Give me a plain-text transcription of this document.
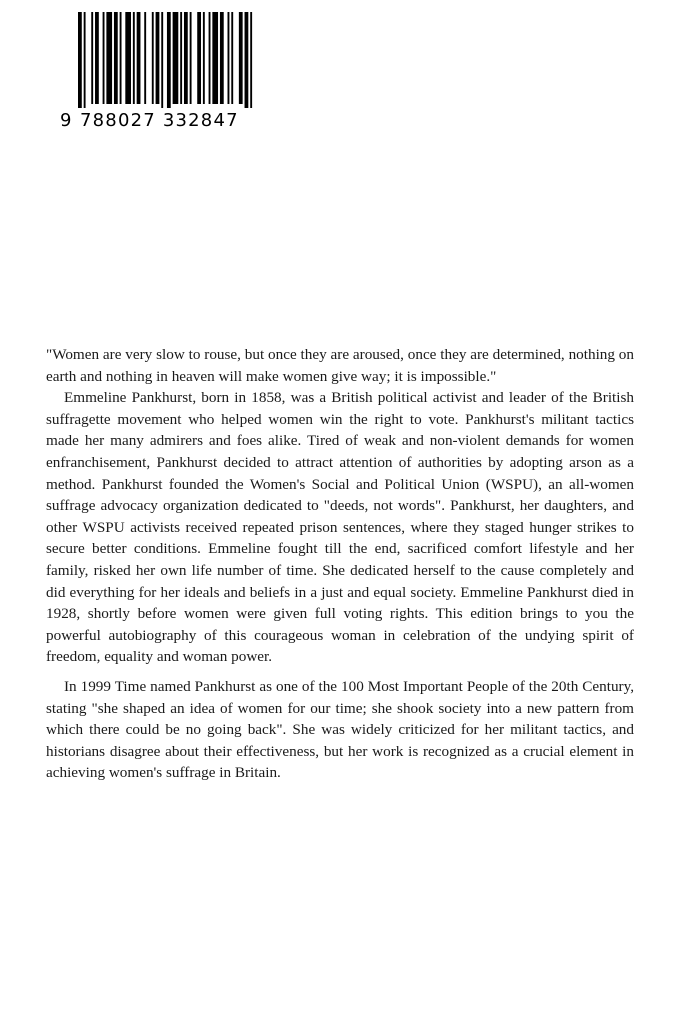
9 788027 332847

"Women are very slow to rouse, but once they are aroused, once they are determined, nothing on earth and nothing in heaven will make women give way; it is impossible."

Emmeline Pankhurst, born in 1858, was a British political activist and leader of the British suffragette movement who helped women win the right to vote. Pankhurst's militant tactics made her many admirers and foes alike. Tired of weak and non-violent demands for women enfranchisement, Pankhurst decided to attract attention of authorities by adopting arson as a method. Pankhurst founded the Women's Social and Political Union (WSPU), an all-women suffrage advocacy organization dedicated to "deeds, not words". Pankhurst, her daughters, and other WSPU activists received repeated prison sentences, where they staged hunger strikes to secure better conditions. Emmeline fought till the end, sacrificed comfort lifestyle and her family, risked her own life number of time. She dedicated herself to the cause completely and did everything for her ideals and beliefs in a just and equal society. Emmeline Pankhurst died in 1928, shortly before women were given full voting rights. This edition brings to you the powerful autobiography of this courageous woman in celebration of the undying spirit of freedom, equality and woman power.

In 1999 Time named Pankhurst as one of the 100 Most Important People of the 20th Century, stating "she shaped an idea of women for our time; she shook society into a new pattern from which there could be no going back". She was widely criticized for her militant tactics, and historians disagree about their effectiveness, but her work is recognized as a crucial element in achieving women's suffrage in Britain.
